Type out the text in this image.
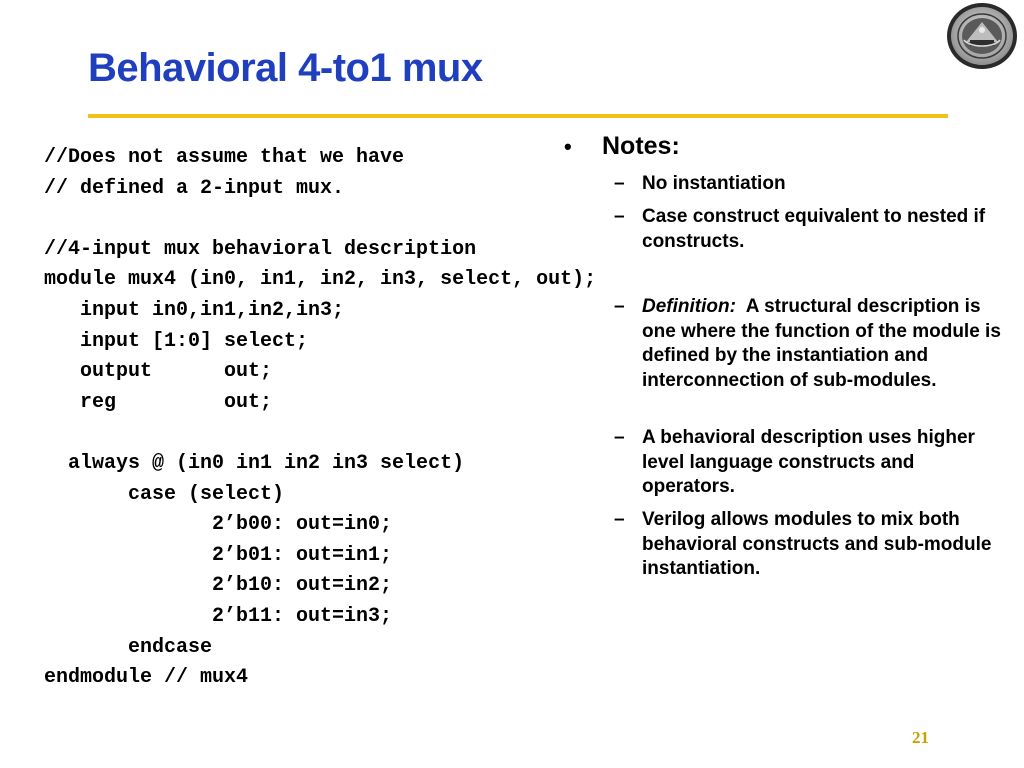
Behavioral 4-to1 mux
//Does not assume that we have
// defined a 2-input mux.
//4-input mux behavioral description
module mux4 (in0, in1, in2, in3, select, out);
input in0,in1,in2,in3;
input [1:0] select;
output      out;
reg         out;
always @ (in0 in1 in2 in3 select)
case (select)
2’b00: out=in0;
2’b01: out=in1;
2’b10: out=in2;
2’b11: out=in3;
endcase
endmodule // mux4
•	Notes:
– No instantiation
– Case construct equivalent to nested if constructs.
– Definition: A structural description is one where the function of the module is defined by the instantiation and interconnection of sub-modules.
– A behavioral description uses higher level language constructs and operators.
– Verilog allows modules to mix both behavioral constructs and sub-module instantiation.
21
